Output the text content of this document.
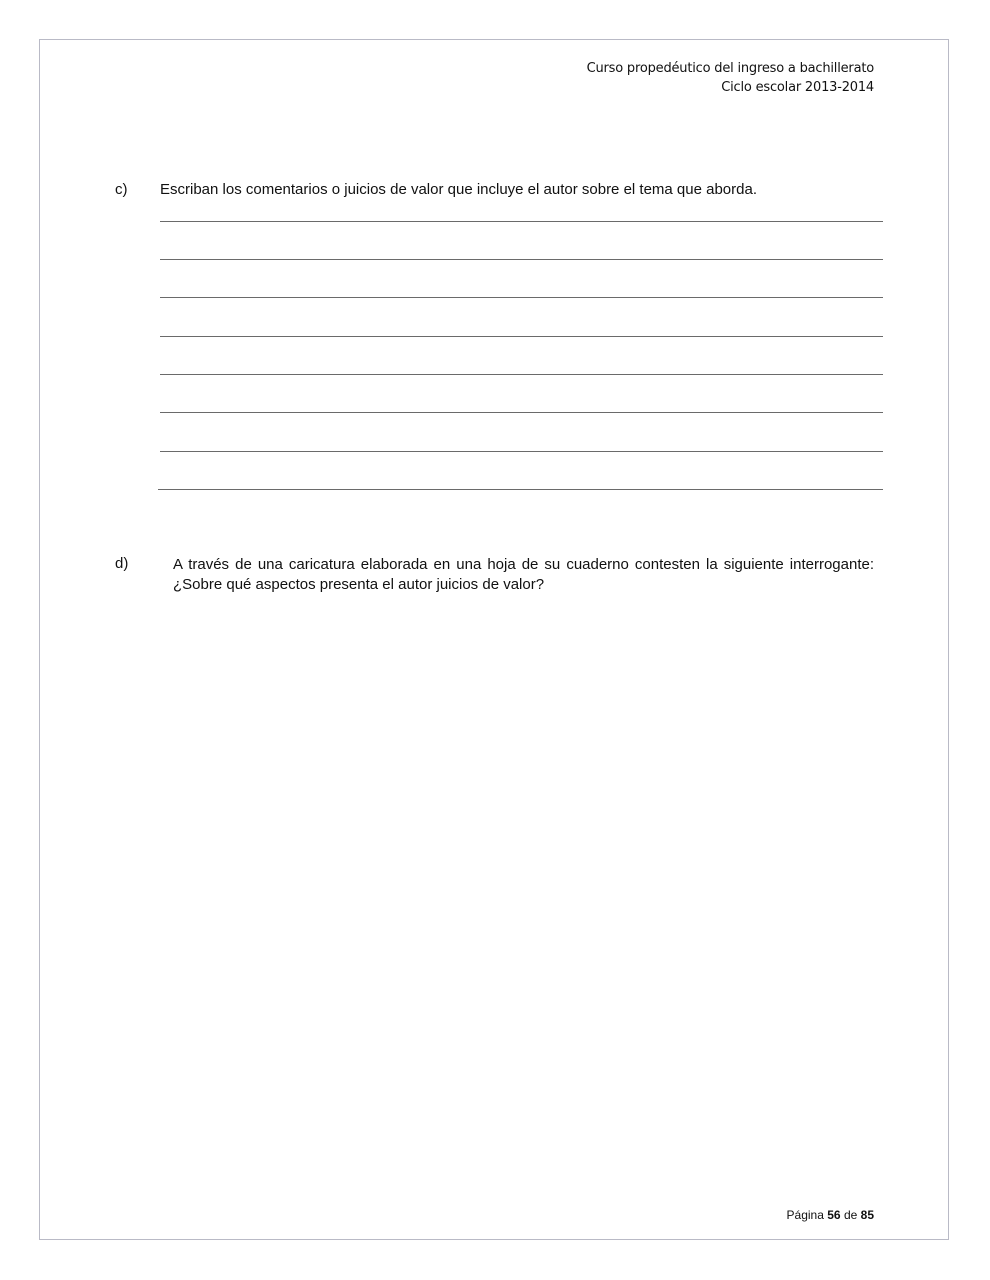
Curso propedéutico del ingreso a bachillerato
Ciclo escolar 2013-2014
c) Escriban los comentarios o juicios de valor que incluye el autor sobre el tema que aborda.
d)	A través de una caricatura elaborada en una hoja de su cuaderno contesten la siguiente interrogante: ¿Sobre qué aspectos presenta el autor juicios de valor?
Página 56 de 85
